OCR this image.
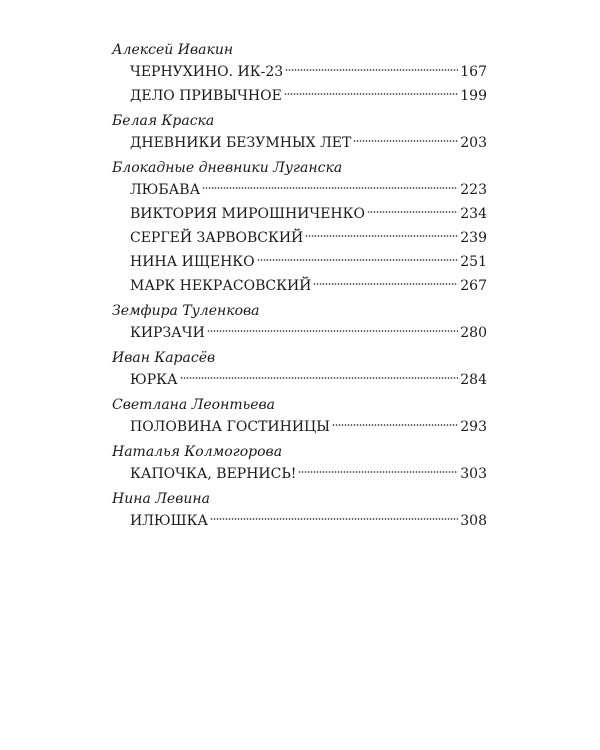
Алексей Ивакин
ЧЕРНУХИНО. ИК-23	167
ДЕЛО ПРИВЫЧНОЕ	199
Белая Краска
ДНЕВНИКИ БЕЗУМНЫХ ЛЕТ	203
Блокадные дневники Луганска
ЛЮБАВА	223
ВИКТОРИЯ МИРОШНИЧЕНКО	234
СЕРГЕЙ ЗАРВОВСКИЙ	239
НИНА ИЩЕНКО	251
МАРК НЕКРАСОВСКИЙ	267
Земфира Туленкова
КИРЗАЧИ	280
Иван Карасёв
ЮРКА	284
Светлана Леонтьева
ПОЛОВИНА ГОСТИНИЦЫ	293
Наталья Колмогорова
КАПОЧКА, ВЕРНИСЬ!	303
Нина Левина
ИЛЮШКА	308
